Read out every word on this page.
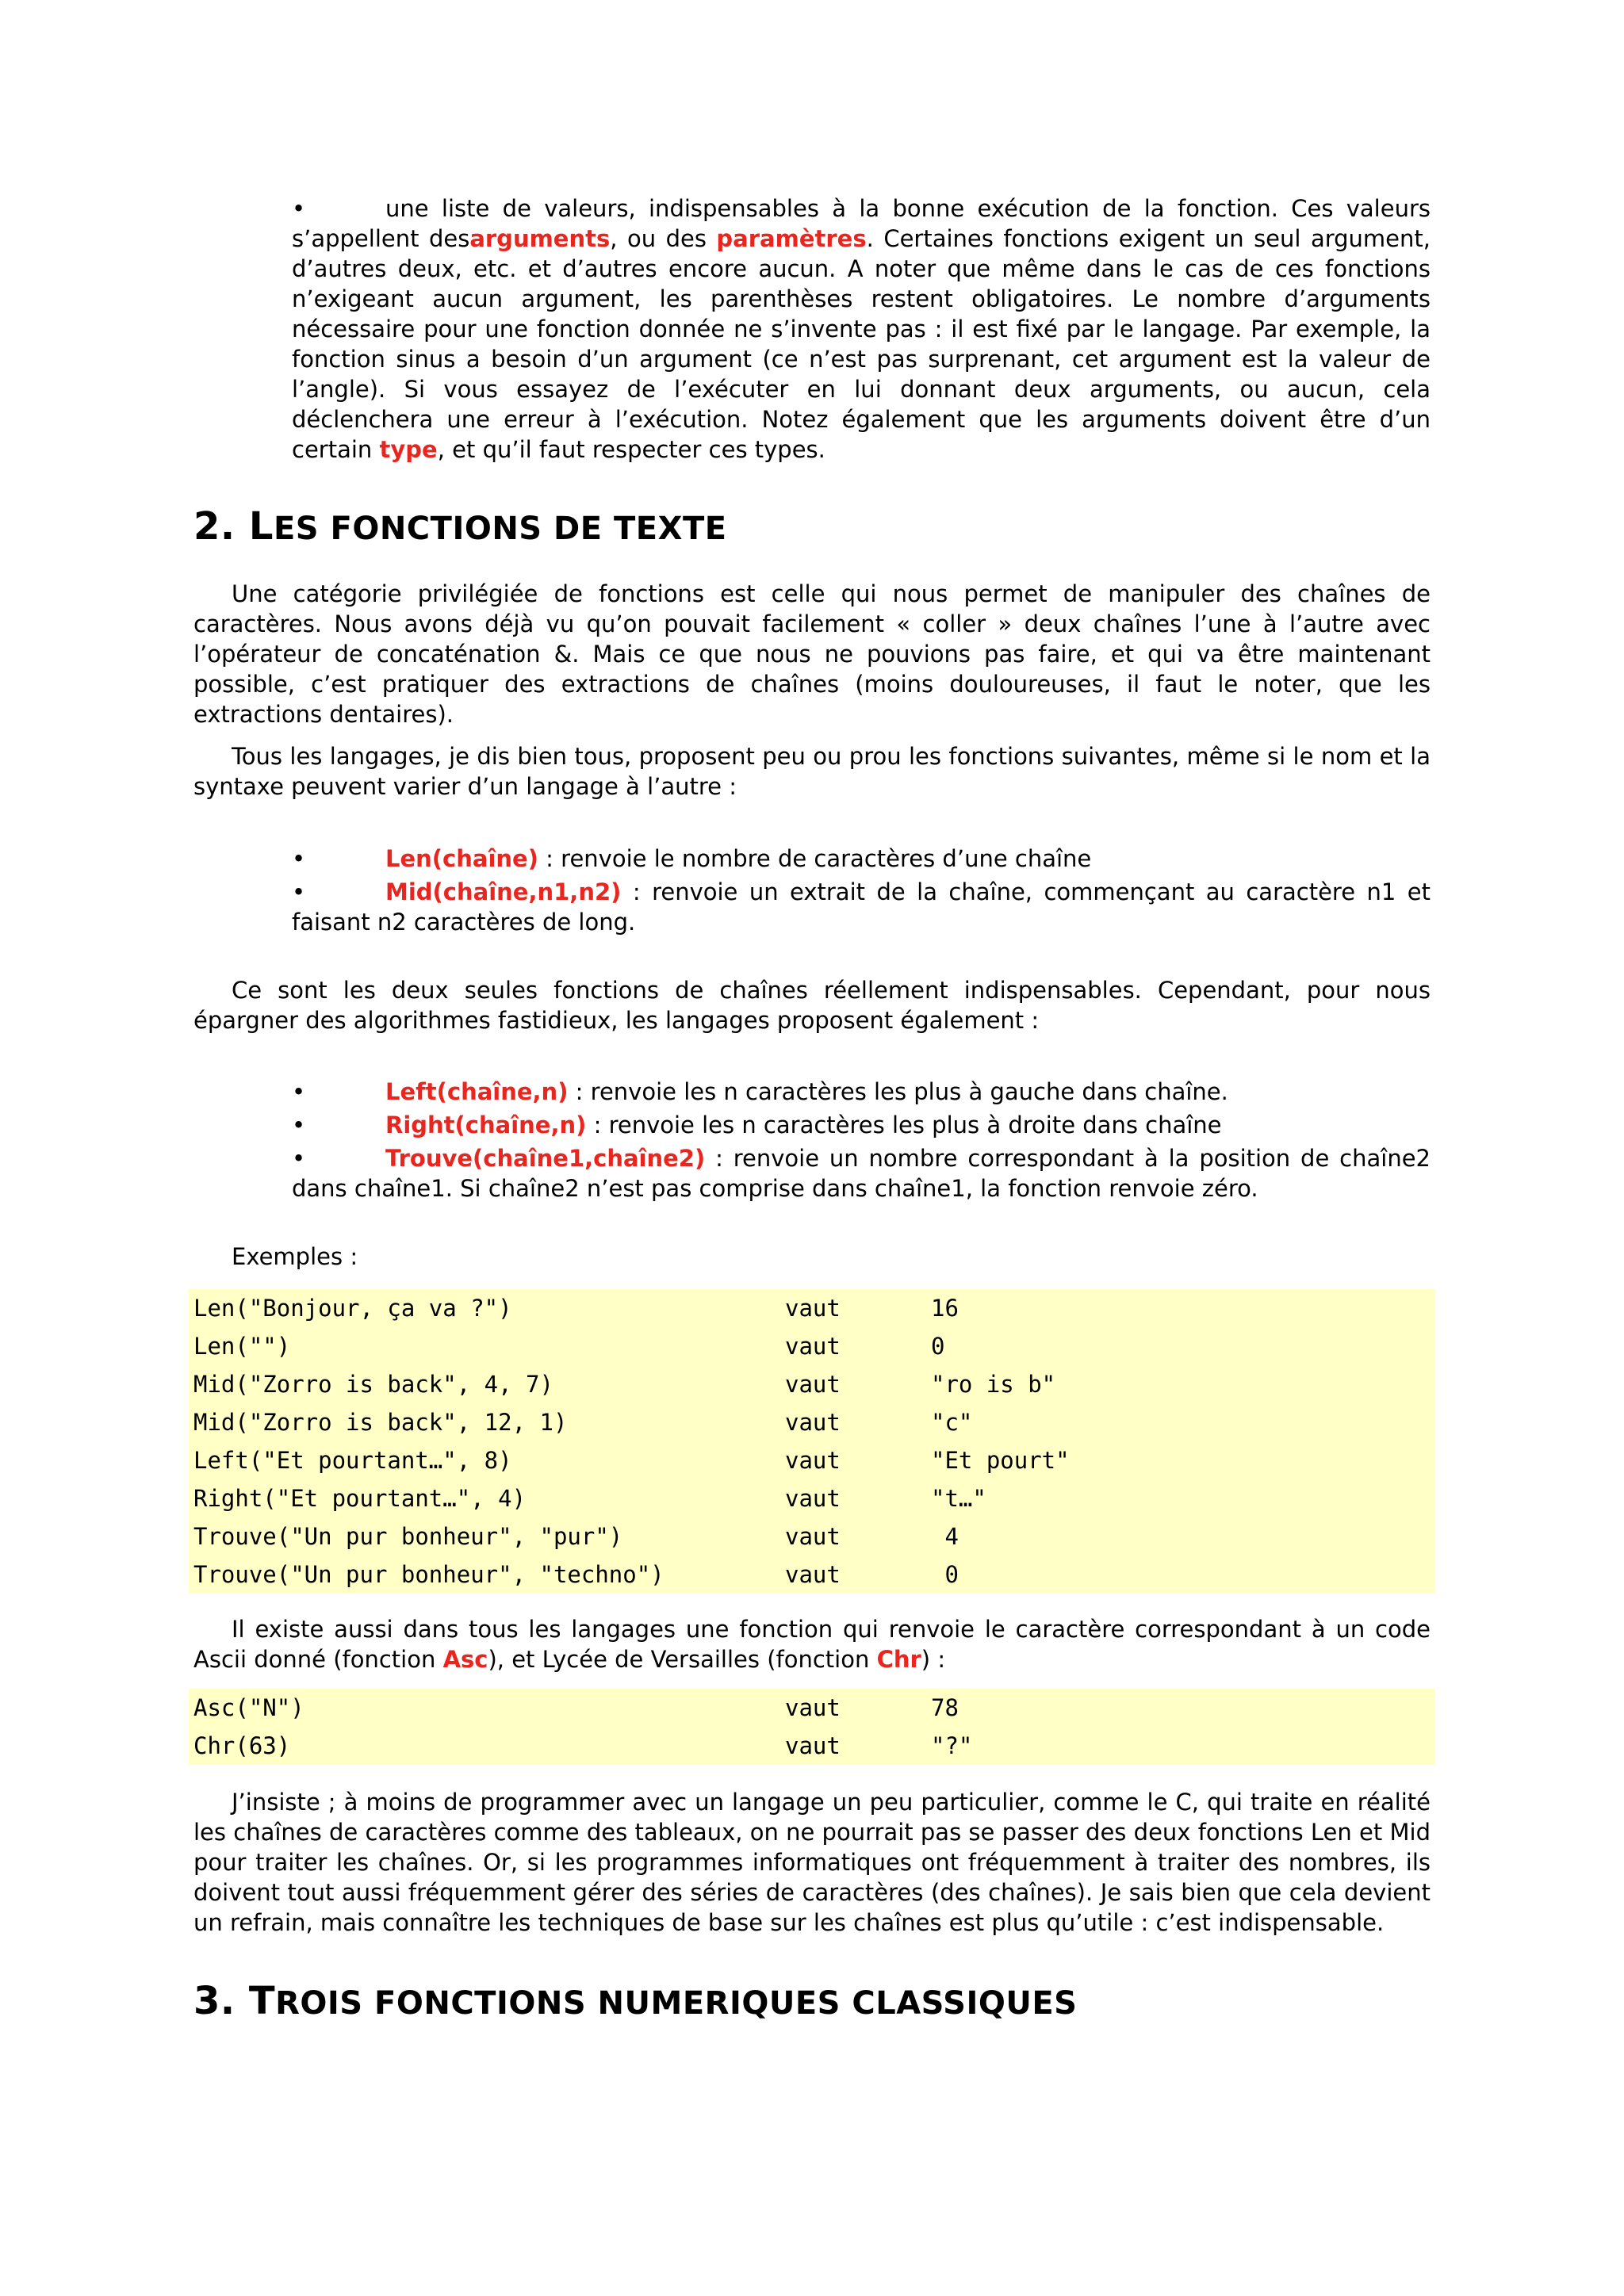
•	une liste de valeurs, indispensables à la bonne exécution de la fonction. Ces valeurs s’appellent desarguments, ou des paramètres. Certaines fonctions exigent un seul argument, d’autres deux, etc. et d’autres encore aucun. A noter que même dans le cas de ces fonctions n’exigeant aucun argument, les parenthèses restent obligatoires. Le nombre d’arguments nécessaire pour une fonction donnée ne s’invente pas : il est fixé par le langage. Par exemple, la fonction sinus a besoin d’un argument (ce n’est pas surprenant, cet argument est la valeur de l’angle). Si vous essayez de l’exécuter en lui donnant deux arguments, ou aucun, cela déclenchera une erreur à l’exécution. Notez également que les arguments doivent être d’un certain type, et qu’il faut respecter ces types.

2. LES FONCTIONS DE TEXTE

Une catégorie privilégiée de fonctions est celle qui nous permet de manipuler des chaînes de caractères. Nous avons déjà vu qu’on pouvait facilement « coller » deux chaînes l’une à l’autre avec l’opérateur de concaténation &. Mais ce que nous ne pouvions pas faire, et qui va être maintenant possible, c’est pratiquer des extractions de chaînes (moins douloureuses, il faut le noter, que les extractions dentaires).

Tous les langages, je dis bien tous, proposent peu ou prou les fonctions suivantes, même si le nom et la syntaxe peuvent varier d’un langage à l’autre :

•	Len(chaîne) : renvoie le nombre de caractères d’une chaîne

•	Mid(chaîne,n1,n2) : renvoie un extrait de la chaîne, commençant au caractère n1 et faisant n2 caractères de long.

Ce sont les deux seules fonctions de chaînes réellement indispensables. Cependant, pour nous épargner des algorithmes fastidieux, les langages proposent également :

•	Left(chaîne,n) : renvoie les n caractères les plus à gauche dans chaîne.

•	Right(chaîne,n) : renvoie les n caractères les plus à droite dans chaîne

•	Trouve(chaîne1,chaîne2) : renvoie un nombre correspondant à la position de chaîne2 dans chaîne1. Si chaîne2 n’est pas comprise dans chaîne1, la fonction renvoie zéro.

Exemples :

Len("Bonjour, ça va ?")	vaut	16
Len("")	vaut	0
Mid("Zorro is back", 4, 7)	vaut	"ro is b"
Mid("Zorro is back", 12, 1)	vaut	"c"
Left("Et pourtant…", 8)	vaut	"Et pourt"
Right("Et pourtant…", 4)	vaut	"t…"
Trouve("Un pur bonheur", "pur")	vaut	4
Trouve("Un pur bonheur", "techno")	vaut	0

Il existe aussi dans tous les langages une fonction qui renvoie le caractère correspondant à un code Ascii donné (fonction Asc), et Lycée de Versailles (fonction Chr) :

Asc("N")	vaut	78
Chr(63)	vaut	"?"

J’insiste ; à moins de programmer avec un langage un peu particulier, comme le C, qui traite en réalité les chaînes de caractères comme des tableaux, on ne pourrait pas se passer des deux fonctions Len et Mid pour traiter les chaînes. Or, si les programmes informatiques ont fréquemment à traiter des nombres, ils doivent tout aussi fréquemment gérer des séries de caractères (des chaînes). Je sais bien que cela devient un refrain, mais connaître les techniques de base sur les chaînes est plus qu’utile : c’est indispensable.

3. TROIS FONCTIONS NUMERIQUES CLASSIQUES
